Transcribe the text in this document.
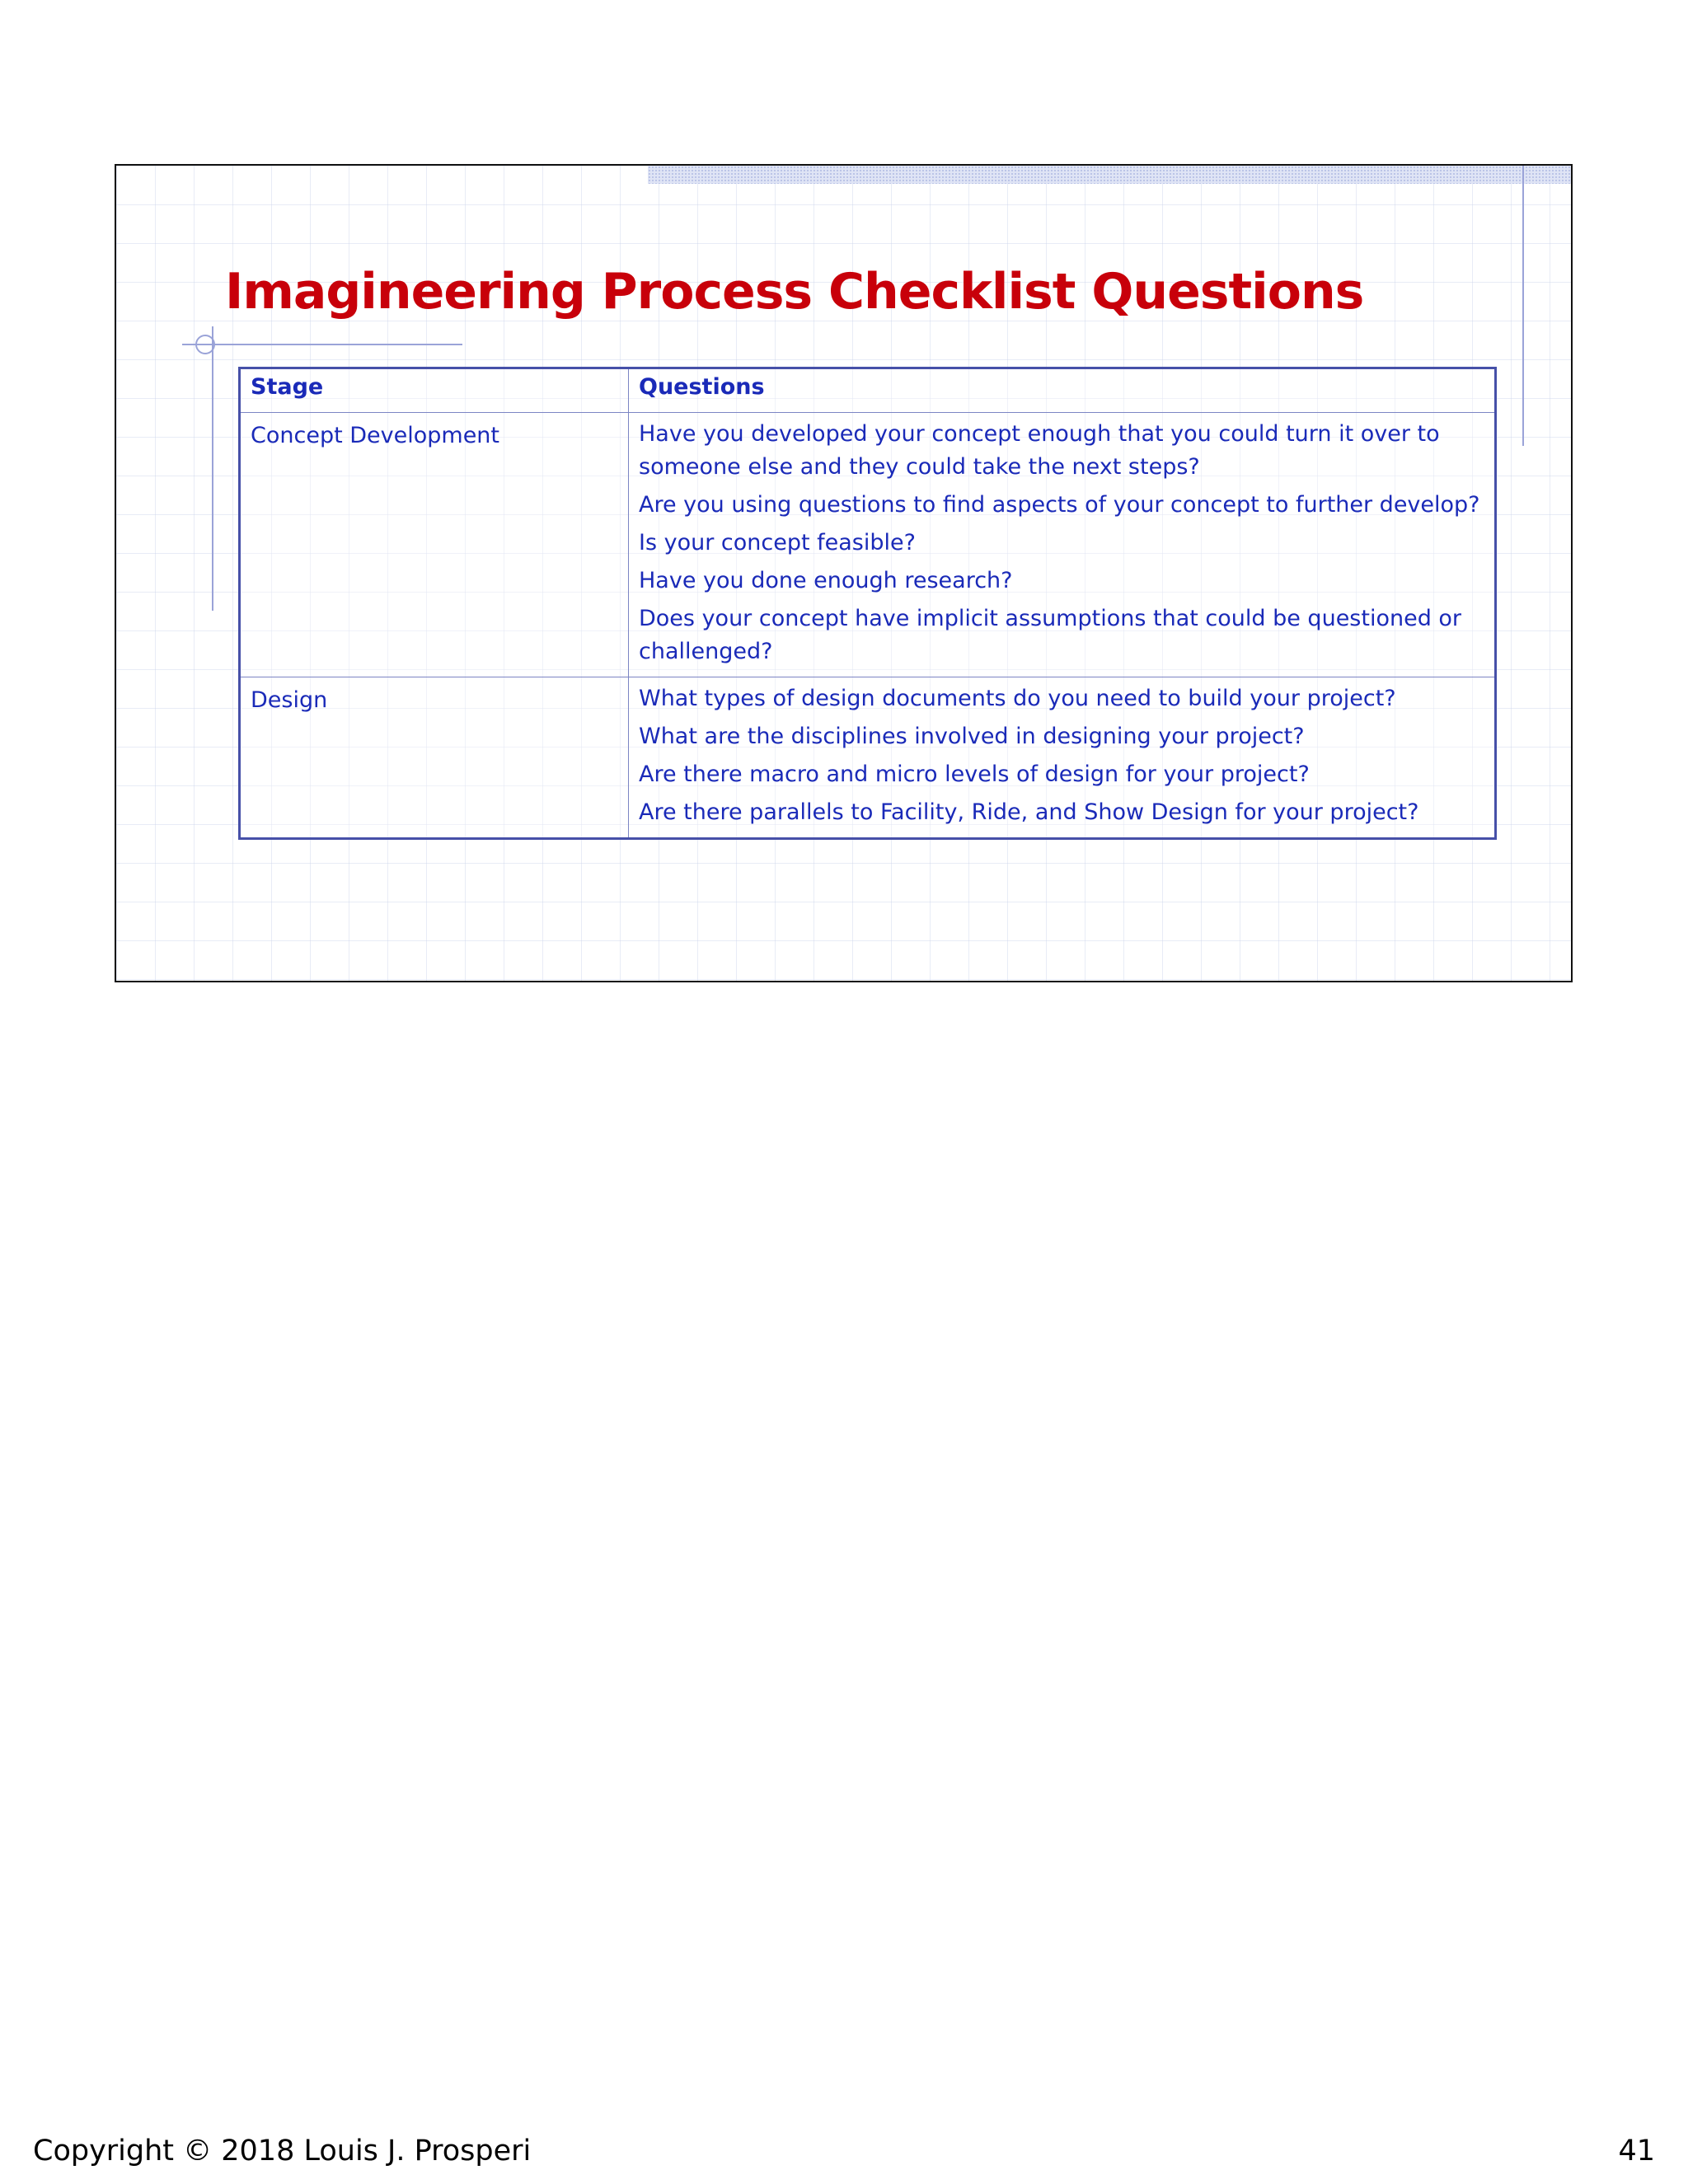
Imagineering Process Checklist Questions
Stage	Questions
Concept Development	Have you developed your concept enough that you could turn it over to someone else and they could take the next steps?
Are you using questions to find aspects of your concept to further develop?
Is your concept feasible?
Have you done enough research?
Does your concept have implicit assumptions that could be questioned or challenged?

Design	What types of design documents do you need to build your project?
What are the disciplines involved in designing your project?
Are there macro and micro levels of design for your project?
Are there parallels to Facility, Ride, and Show Design for your project?
Copyright © 2018 Louis J. Prosperi	41
